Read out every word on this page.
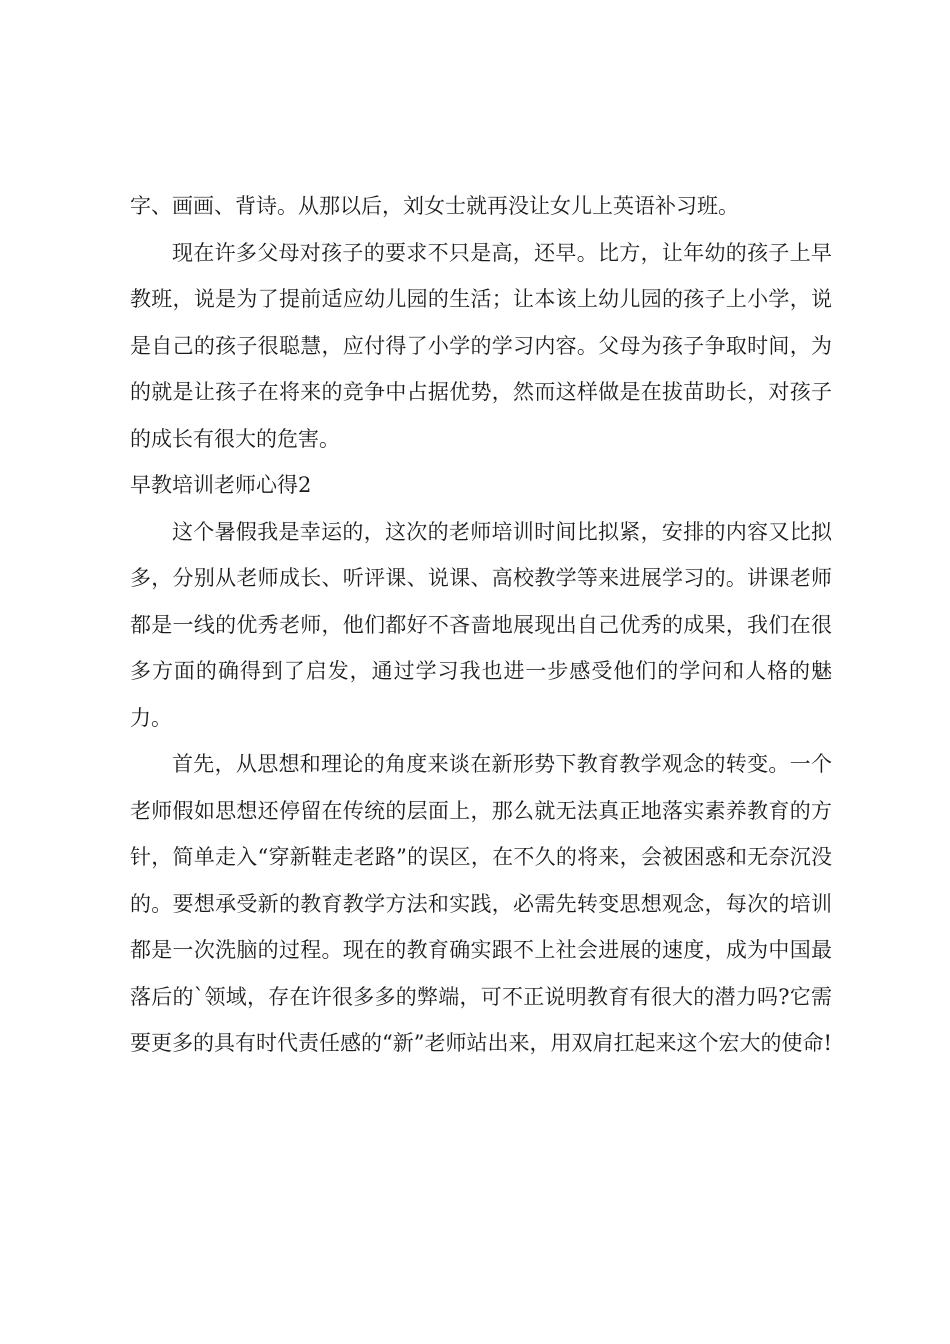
字、画画、背诗。从那以后，刘女士就再没让女儿上英语补习班。

现在许多父母对孩子的要求不只是高，还早。比方，让年幼的孩子上早教班，说是为了提前适应幼儿园的生活；让本该上幼儿园的孩子上小学，说是自己的孩子很聪慧，应付得了小学的学习内容。父母为孩子争取时间，为的就是让孩子在将来的竞争中占据优势，然而这样做是在拔苗助长，对孩子的成长有很大的危害。

早教培训老师心得2

这个暑假我是幸运的，这次的老师培训时间比拟紧，安排的内容又比拟多，分别从老师成长、听评课、说课、高校教学等来进展学习的。讲课老师都是一线的优秀老师，他们都好不吝啬地展现出自己优秀的成果，我们在很多方面的确得到了启发，通过学习我也进一步感受他们的学问和人格的魅力。

首先，从思想和理论的角度来谈在新形势下教育教学观念的转变。一个老师假如思想还停留在传统的层面上，那么就无法真正地落实素养教育的方针，简单走入“穿新鞋走老路”的误区，在不久的将来，会被困惑和无奈沉没的。要想承受新的教育教学方法和实践，必需先转变思想观念，每次的培训都是一次洗脑的过程。现在的教育确实跟不上社会进展的速度，成为中国最落后的`领域，存在许很多多的弊端，可不正说明教育有很大的潜力吗?它需要更多的具有时代责任感的“新”老师站出来，用双肩扛起来这个宏大的使命!
